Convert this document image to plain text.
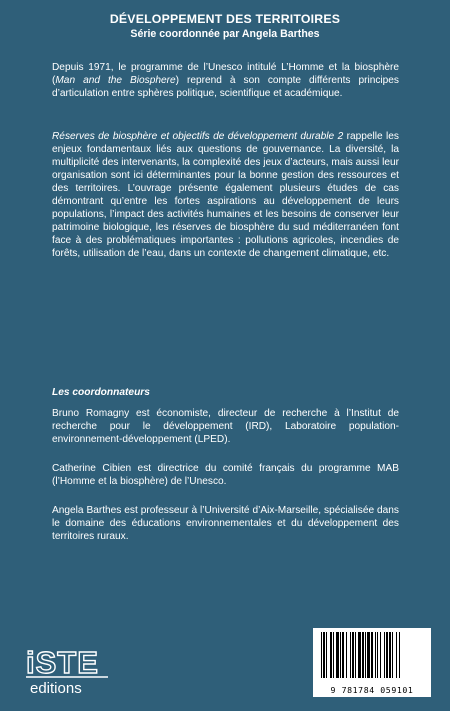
DÉVELOPPEMENT DES TERRITOIRES
Série coordonnée par Angela Barthes
Depuis 1971, le programme de l’Unesco intitulé L’Homme et la biosphère (Man and the Biosphere) reprend à son compte différents principes d’articulation entre sphères politique, scientifique et académique.
Réserves de biosphère et objectifs de développement durable 2 rappelle les enjeux fondamentaux liés aux questions de gouvernance. La diversité, la multiplicité des intervenants, la complexité des jeux d’acteurs, mais aussi leur organisation sont ici déterminantes pour la bonne gestion des ressources et des territoires. L’ouvrage présente également plusieurs études de cas démontrant qu’entre les fortes aspirations au développement de leurs populations, l’impact des activités humaines et les besoins de conserver leur patrimoine biologique, les réserves de biosphère du sud méditerranéen font face à des problématiques importantes : pollutions agricoles, incendies de forêts, utilisation de l’eau, dans un contexte de changement climatique, etc.
Les coordonnateurs
Bruno Romagny est économiste, directeur de recherche à l’Institut de recherche pour le développement (IRD), Laboratoire population-environnement-développement (LPED).
Catherine Cibien est directrice du comité français du programme MAB (l’Homme et la biosphère) de l’Unesco.
Angela Barthes est professeur à l’Université d’Aix-Marseille, spécialisée dans le domaine des éducations environnementales et du développement des territoires ruraux.
iSTE
editions	9 781784 059101
